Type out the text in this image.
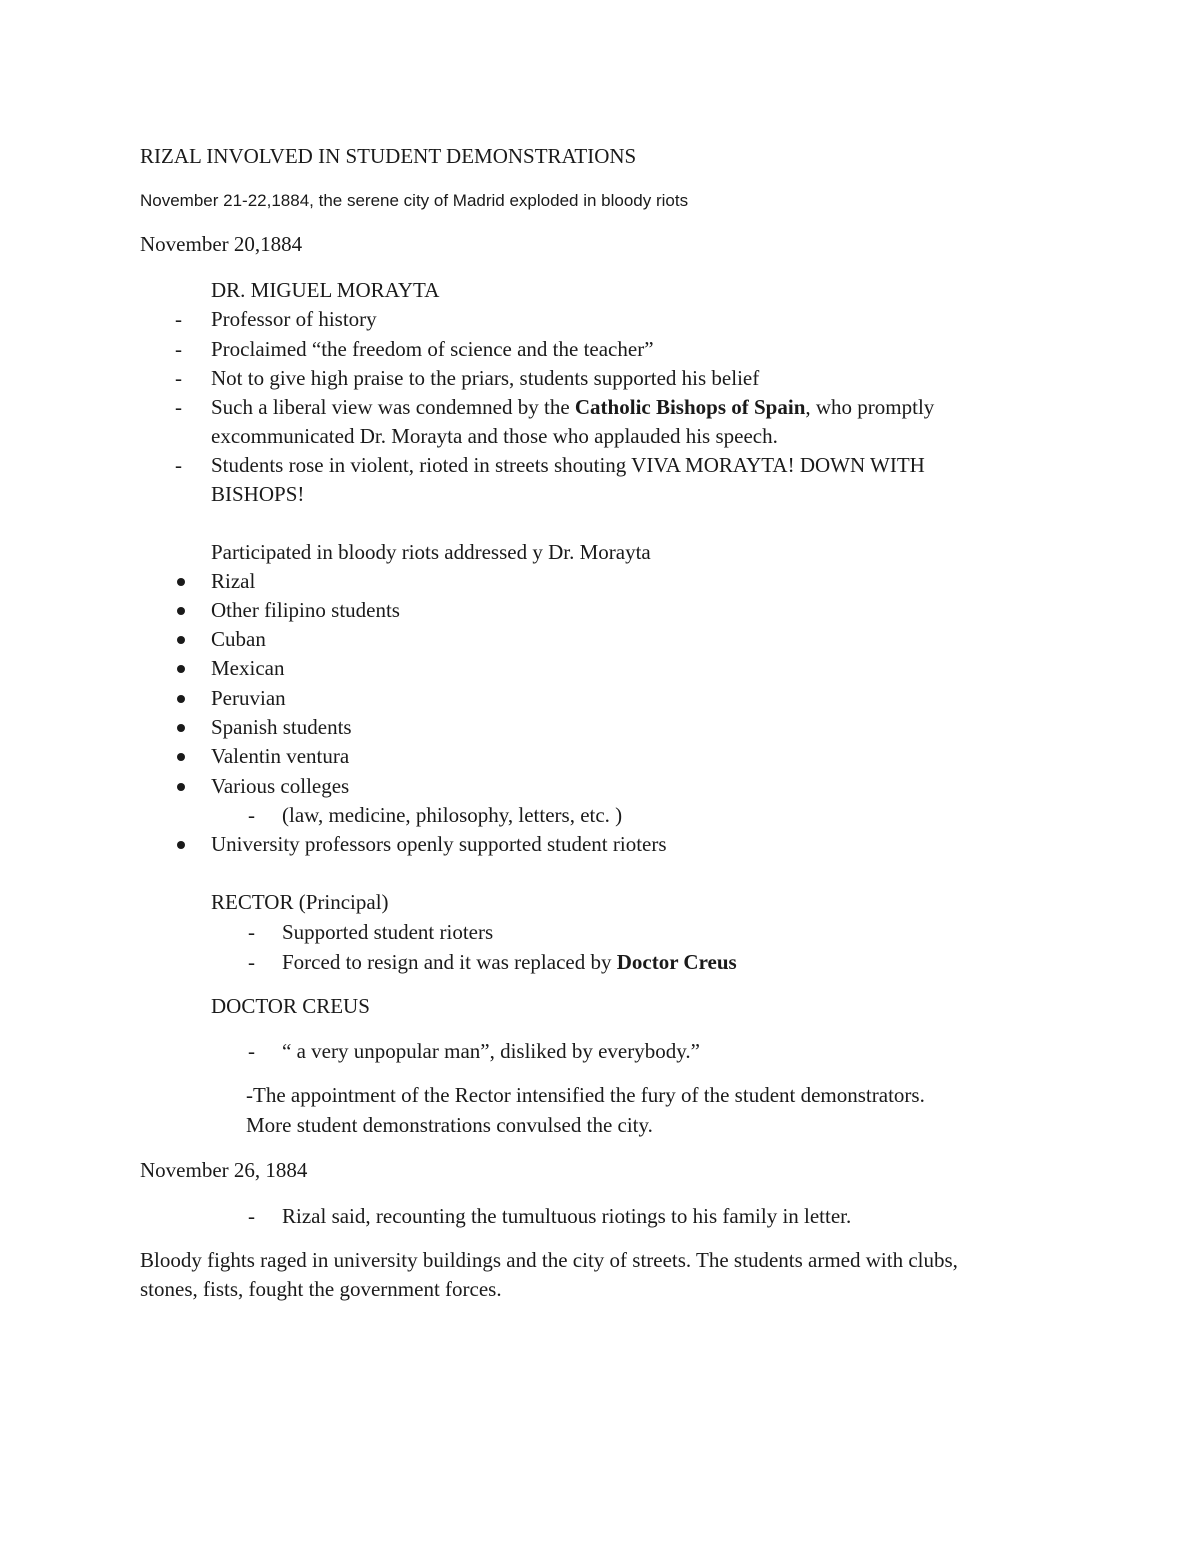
RIZAL INVOLVED IN STUDENT DEMONSTRATIONS
November 21-22,1884, the serene city of Madrid exploded in bloody riots
November 20,1884
DR. MIGUEL MORAYTA
- Professor of history
- Proclaimed “the freedom of science and the teacher”
- Not to give high praise to the priars, students supported his belief
- Such a liberal view was condemned by the Catholic Bishops of Spain, who promptly
excommunicated Dr. Morayta and those who applauded his speech.
- Students rose in violent, rioted in streets shouting VIVA MORAYTA! DOWN WITH
BISHOPS!
Participated in bloody riots addressed y Dr. Morayta
Rizal
Other filipino students
Cuban
Mexican
Peruvian
Spanish students
Valentin ventura
Various colleges
- (law, medicine, philosophy, letters, etc. )
University professors openly supported student rioters
RECTOR (Principal)
- Supported student rioters
- Forced to resign and it was replaced by Doctor Creus
DOCTOR CREUS
- “ a very unpopular man”, disliked by everybody.”
-The appointment of the Rector intensified the fury of the student demonstrators.
More student demonstrations convulsed the city.
November 26, 1884
- Rizal said, recounting the tumultuous riotings to his family in letter.
Bloody fights raged in university buildings and the city of streets. The students armed with clubs,
stones, fists, fought the government forces.
